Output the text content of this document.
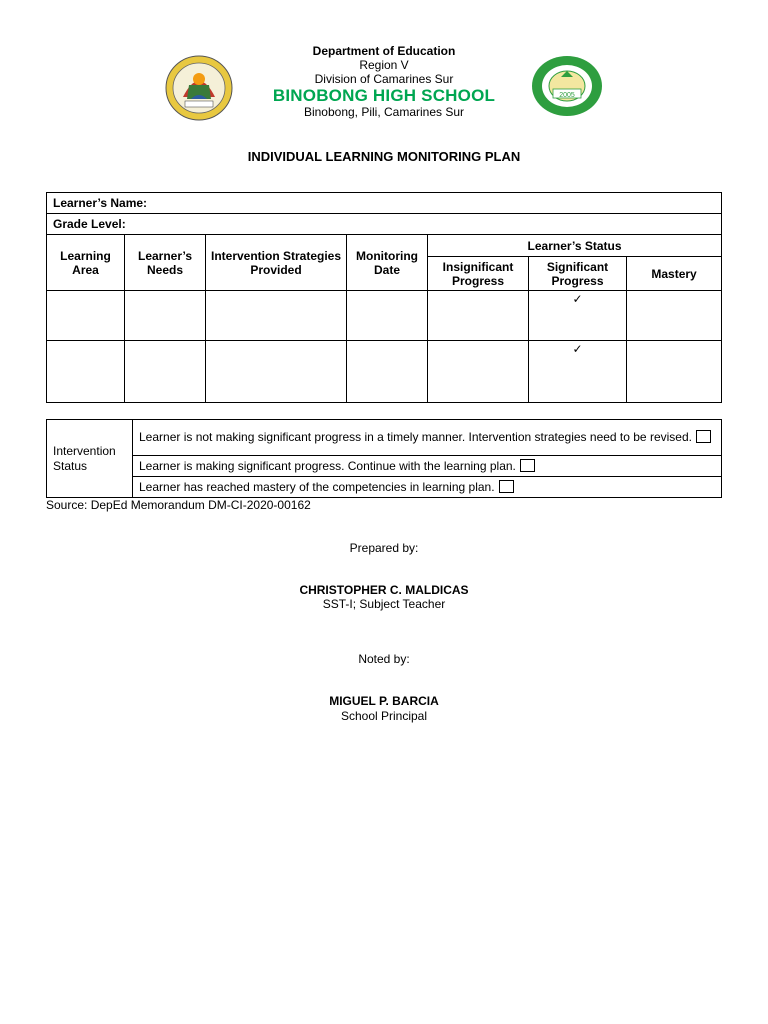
2005
Department of Education
Region V
Division of Camarines Sur
BINOBONG HIGH SCHOOL
Binobong, Pili, Camarines Sur
INDIVIDUAL LEARNING MONITORING PLAN
Learner’s Name:						
Grade Level:						
Learning Area	Learner’s Needs	Intervention Strategies Provided	Monitoring Date	Learner’s Status		
				Insignificant Progress	Significant Progress	Mastery
					✓	
					✓	
Intervention Status	Learner is not making significant progress in a timely manner. Intervention strategies need to be revised.
Learner is making significant progress. Continue with the learning plan.
Learner has reached mastery of the competencies in learning plan.
Source: DepEd Memorandum DM-CI-2020-00162
Prepared by:
CHRISTOPHER C. MALDICAS
SST-I; Subject Teacher
Noted by:
MIGUEL P. BARCIA
School Principal
